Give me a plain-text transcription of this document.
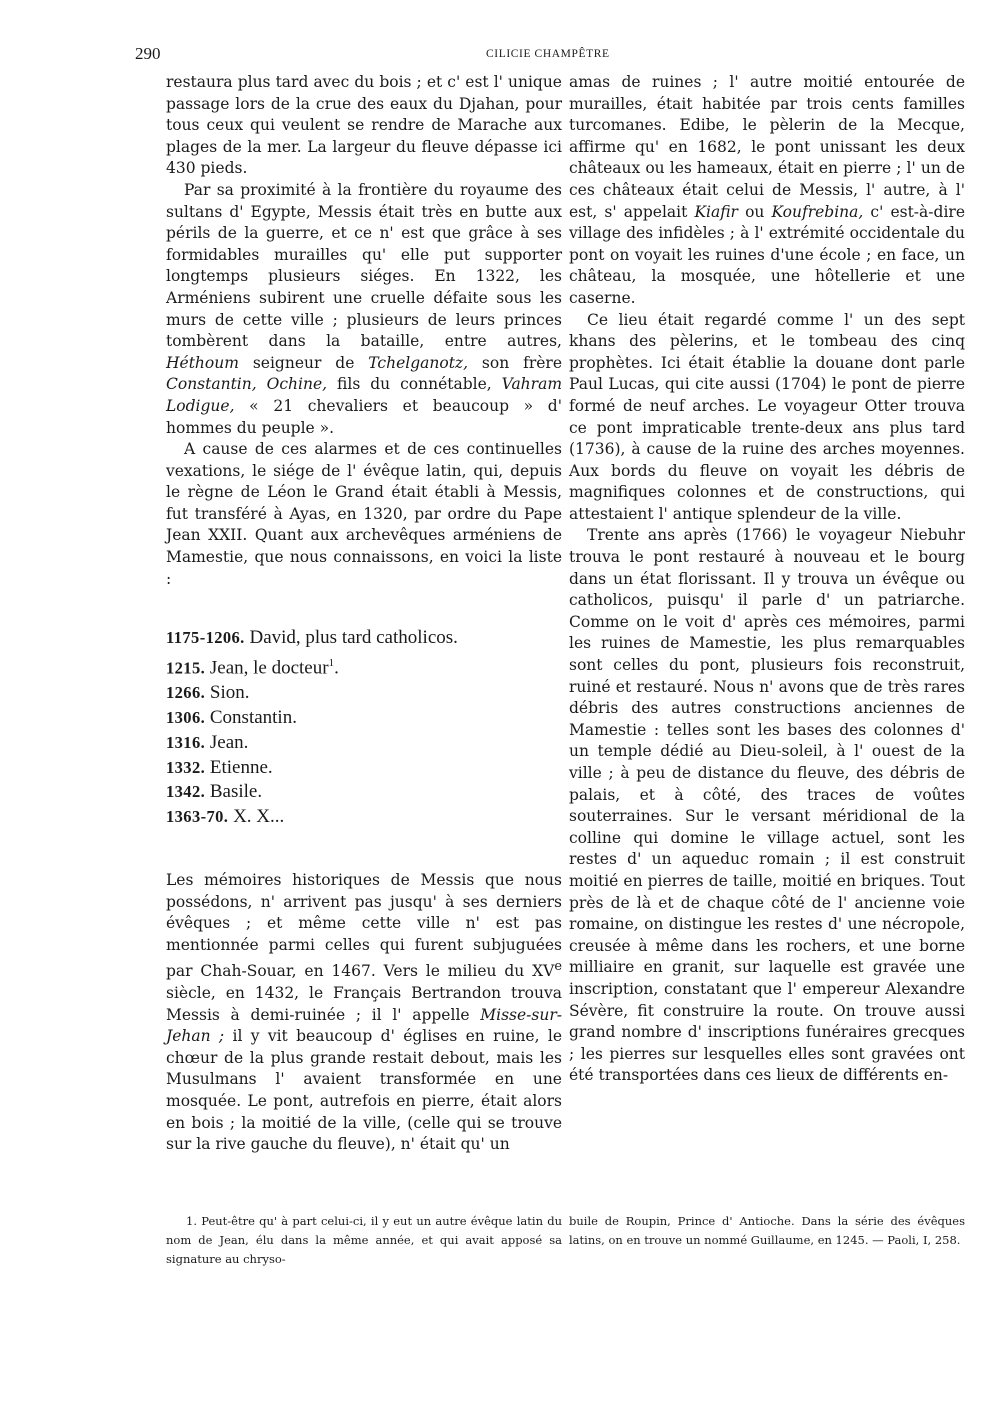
290	CILICIE CHAMPÊTRE

restaura plus tard avec du bois ; et c' est l' unique passage lors de la crue des eaux du Djahan, pour tous ceux qui veulent se rendre de Marache aux plages de la mer. La largeur du fleuve dépasse ici 430 pieds.

Par sa proximité à la frontière du royaume des sultans d' Egypte, Messis était très en butte aux périls de la guerre, et ce n' est que grâce à ses formidables murailles qu' elle put supporter longtemps plusieurs siéges. En 1322, les Arméniens subirent une cruelle défaite sous les murs de cette ville ; plusieurs de leurs princes tombèrent dans la bataille, entre autres, Héthoum seigneur de Tchelganotz, son frère Constantin, Ochine, fils du connétable, Vahram Lodigue, « 21 chevaliers et beaucoup » d' hommes du peuple ».

A cause de ces alarmes et de ces continuelles vexations, le siége de l' évêque latin, qui, depuis le règne de Léon le Grand était établi à Messis, fut transféré à Ayas, en 1320, par ordre du Pape Jean XXII. Quant aux archevêques arméniens de Mamestie, que nous connaissons, en voici la liste :

1175-1206. David, plus tard catholicos.
1215. Jean, le docteur$^1$.
1266. Sion.
1306. Constantin.
1316. Jean.
1332. Etienne.
1342. Basile.
1363-70. X. X...

Les mémoires historiques de Messis que nous possédons, n' arrivent pas jusqu' à ses derniers évêques ; et même cette ville n' est pas mentionnée parmi celles qui furent subjuguées par Chah-Souar, en 1467. Vers le milieu du XVe siècle, en 1432, le Français Bertrandon trouva Messis à demi-ruinée ; il l' appelle Misse-sur-Jehan ; il y vit beaucoup d' églises en ruine, le chœur de la plus grande restait debout, mais les Musulmans l' avaient transformée en une mosquée. Le pont, autrefois en pierre, était alors en bois ; la moitié de la ville, (celle qui se trouve sur la rive gauche du fleuve), n' était qu' un

amas de ruines ; l' autre moitié entourée de murailles, était habitée par trois cents familles turcomanes. Edibe, le pèlerin de la Mecque, affirme qu' en 1682, le pont unissant les deux châteaux ou les hameaux, était en pierre ; l' un de ces châteaux était celui de Messis, l' autre, à l' est, s' appelait Kiafir ou Koufrebina, c' est-à-dire village des infidèles ; à l' extrémité occidentale du pont on voyait les ruines d'une école ; en face, un château, la mosquée, une hôtellerie et une caserne.

Ce lieu était regardé comme l' un des sept khans des pèlerins, et le tombeau des cinq prophètes. Ici était établie la douane dont parle Paul Lucas, qui cite aussi (1704) le pont de pierre formé de neuf arches. Le voyageur Otter trouva ce pont impraticable trente-deux ans plus tard (1736), à cause de la ruine des arches moyennes. Aux bords du fleuve on voyait les débris de magnifiques colonnes et de constructions, qui attestaient l' antique splendeur de la ville.

Trente ans après (1766) le voyageur Niebuhr trouva le pont restauré à nouveau et le bourg dans un état florissant. Il y trouva un évêque ou catholicos, puisqu' il parle d' un patriarche. Comme on le voit d' après ces mémoires, parmi les ruines de Mamestie, les plus remarquables sont celles du pont, plusieurs fois reconstruit, ruiné et restauré. Nous n' avons que de très rares débris des autres constructions anciennes de Mamestie : telles sont les bases des colonnes d' un temple dédié au Dieu-soleil, à l' ouest de la ville ; à peu de distance du fleuve, des débris de palais, et à côté, des traces de voûtes souterraines. Sur le versant méridional de la colline qui domine le village actuel, sont les restes d' un aqueduc romain ; il est construit moitié en pierres de taille, moitié en briques. Tout près de là et de chaque côté de l' ancienne voie romaine, on distingue les restes d' une nécropole, creusée à même dans les rochers, et une borne milliaire en granit, sur laquelle est gravée une inscription, constatant que l' empereur Alexandre Sévère, fit construire la route. On trouve aussi grand nombre d' inscriptions funéraires grecques ; les pierres sur lesquelles elles sont gravées ont été transportées dans ces lieux de différents en-

1. Peut-être qu' à part celui-ci, il y eut un autre évêque latin du nom de Jean, élu dans la même année, et qui avait apposé sa signature au chryso-

buile de Roupin, Prince d' Antioche. Dans la série des évêques latins, on en trouve un nommé Guillaume, en 1245. — Paoli, I, 258.
